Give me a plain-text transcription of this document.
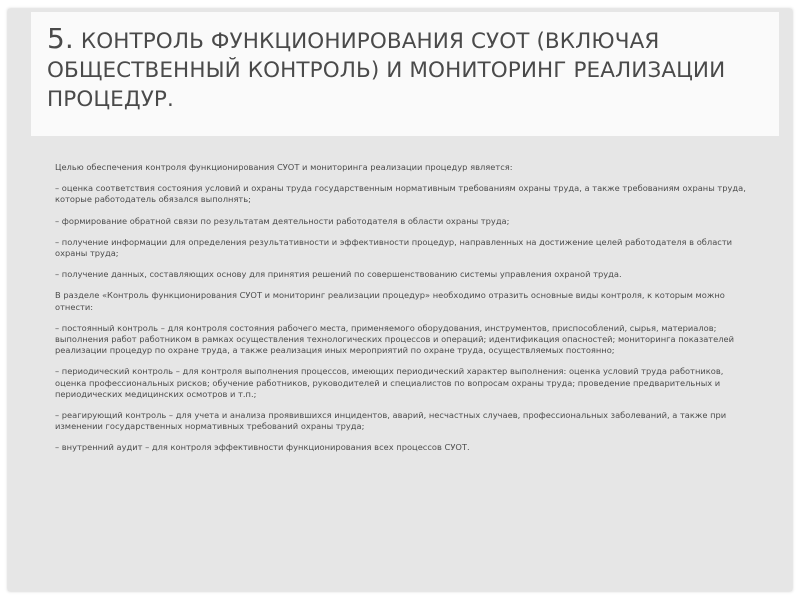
5. КОНТРОЛЬ ФУНКЦИОНИРОВАНИЯ СУОТ (ВКЛЮЧАЯ ОБЩЕСТВЕННЫЙ КОНТРОЛЬ) И МОНИТОРИНГ РЕАЛИЗАЦИИ ПРОЦЕДУР.

Целью обеспечения контроля функционирования СУОТ и мониторинга реализации процедур является:

– оценка соответствия состояния условий и охраны труда государственным нормативным требованиям охраны труда, а также требованиям охраны труда, которые работодатель обязался выполнять;

– формирование обратной связи по результатам деятельности работодателя в области охраны труда;

– получение информации для определения результативности и эффективности процедур, направленных на достижение целей работодателя в области охраны труда;

– получение данных, составляющих основу для принятия решений по совершенствованию системы управления охраной труда.

В разделе «Контроль функционирования СУОТ и мониторинг реализации процедур» необходимо отразить основные виды контроля, к которым можно отнести:

– постоянный контроль – для контроля состояния рабочего места, применяемого оборудования, инструментов, приспособлений, сырья, материалов; выполнения работ работником в рамках осуществления технологических процессов и операций; идентификация опасностей; мониторинга показателей реализации процедур по охране труда, а также реализация иных мероприятий по охране труда, осуществляемых постоянно;

– периодический контроль – для контроля выполнения процессов, имеющих периодический характер выполнения: оценка условий труда работников, оценка профессиональных рисков; обучение работников, руководителей и специалистов по вопросам охраны труда; проведение предварительных и периодических медицинских осмотров и т.п.;

– реагирующий контроль – для учета и анализа проявившихся инцидентов, аварий, несчастных случаев, профессиональных заболеваний, а также при изменении государственных нормативных требований охраны труда;

– внутренний аудит – для контроля эффективности функционирования всех процессов СУОТ.
